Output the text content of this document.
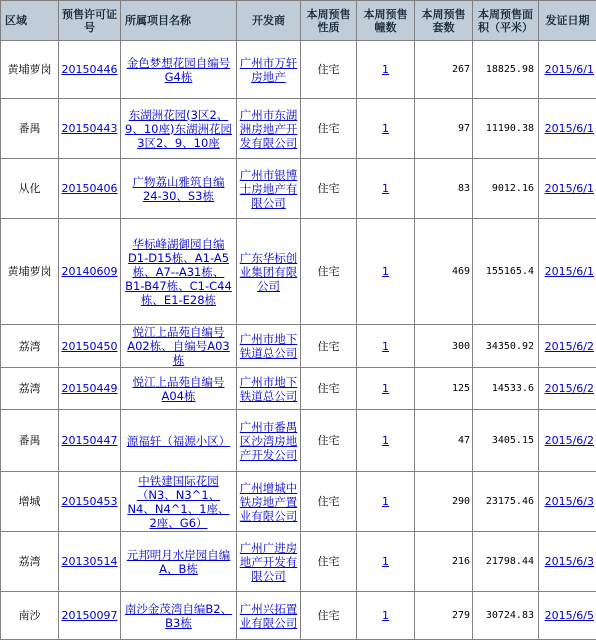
区域	预售许可证号	所属项目名称	开发商	本周预售性质	本周预售幢数	本周预售套数	本周预售面积（平米）	发证日期
黄埔萝岗	20150446	金色梦想花园自编号G4栋	广州市万轩房地产	住宅	1	267	18825.98	2015/6/1
番禺	20150443	东湖洲花园(3区2、9、10座)东湖洲花园3区2、9、10座	广州市东湖洲房地产开发有限公司	住宅	1	97	11190.38	2015/6/1
从化	20150406	广物荔山雅筑自编24-30、S3栋	广州市银博士房地产有限公司	住宅	1	83	9012.16	2015/6/1
黄埔萝岗	20140609	华标峰湖御园自编D1-D15栋、A1-A5栋、A7--A31栋、B1-B47栋、C1-C44栋、E1-E28栋	广东华标创业集团有限公司	住宅	1	469	155165.4	2015/6/1
荔湾	20150450	悦江上品苑自编号A02栋、自编号A03栋	广州市地下铁道总公司	住宅	1	300	34350.92	2015/6/2
荔湾	20150449	悦江上品苑自编号A04栋	广州市地下铁道总公司	住宅	1	125	14533.6	2015/6/2
番禺	20150447	源福轩（福源小区）	广州市番禺区沙湾房地产开发公司	住宅	1	47	3405.15	2015/6/2
增城	20150453	中铁建国际花园（N3、N3^1、N4、N4^1、1座、2座、G6）	广州增城中铁房地产置业有限公司	住宅	1	290	23175.46	2015/6/3
荔湾	20130514	元邦明月水岸园自编A、B栋	广州广进房地产开发有限公司	住宅	1	216	21798.44	2015/6/3
南沙	20150097	南沙金茂湾自编B2、B3栋	广州兴拓置业有限公司	住宅	1	279	30724.83	2015/6/5
